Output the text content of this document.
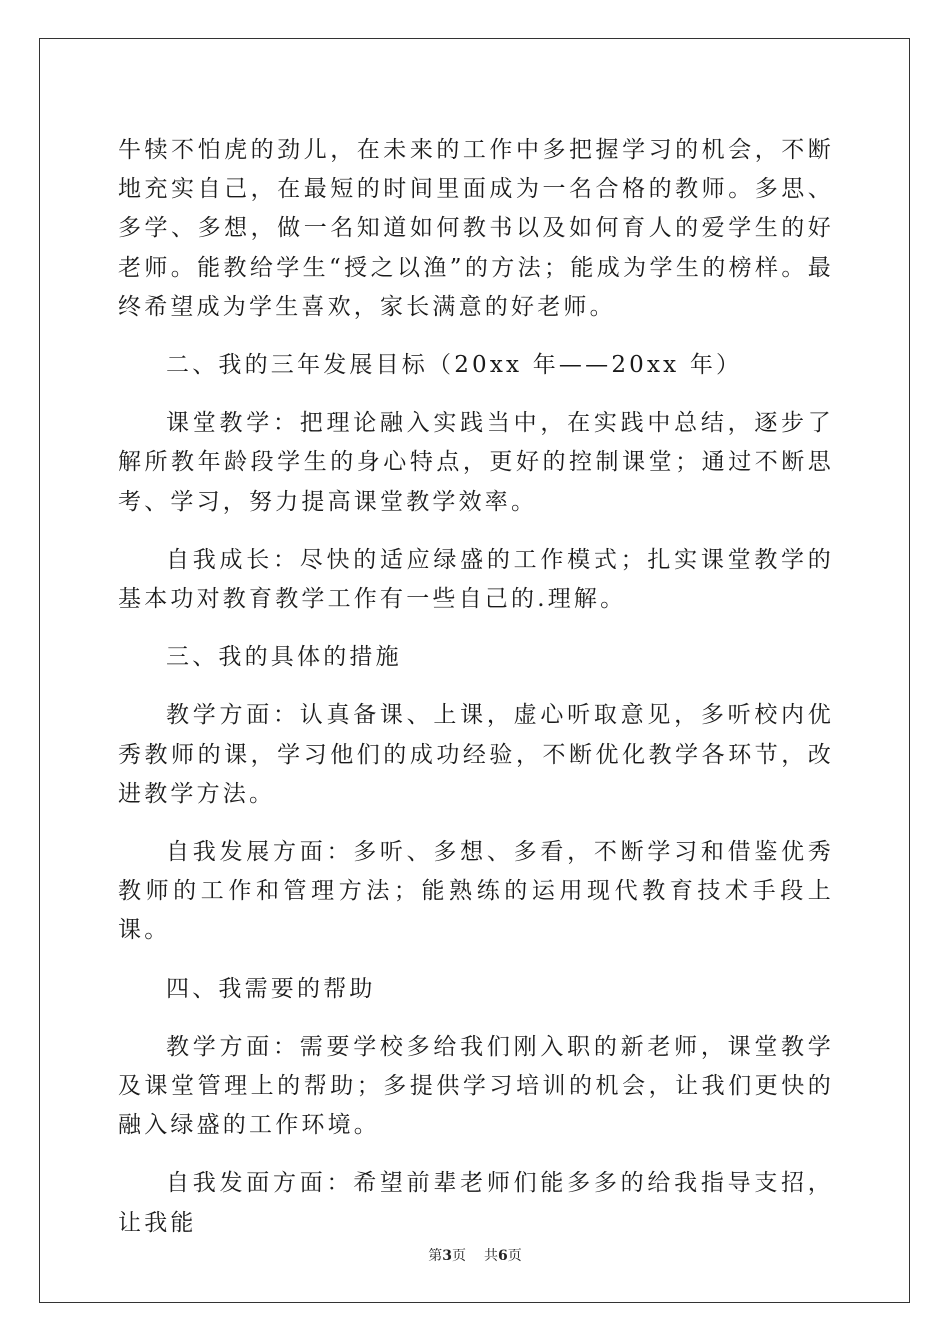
牛犊不怕虎的劲儿，在未来的工作中多把握学习的机会，不断地充实自己，在最短的时间里面成为一名合格的教师。多思、多学、多想，做一名知道如何教书以及如何育人的爱学生的好老师。能教给学生“授之以渔”的方法；能成为学生的榜样。最终希望成为学生喜欢，家长满意的好老师。

二、我的三年发展目标（20xx 年——20xx 年）

课堂教学：把理论融入实践当中，在实践中总结，逐步了解所教年龄段学生的身心特点，更好的控制课堂；通过不断思考、学习，努力提高课堂教学效率。

自我成长：尽快的适应绿盛的工作模式；扎实课堂教学的基本功对教育教学工作有一些自己的.理解。

三、我的具体的措施

教学方面：认真备课、上课，虚心听取意见，多听校内优秀教师的课，学习他们的成功经验，不断优化教学各环节，改进教学方法。

自我发展方面：多听、多想、多看，不断学习和借鉴优秀教师的工作和管理方法；能熟练的运用现代教育技术手段上课。

四、我需要的帮助

教学方面：需要学校多给我们刚入职的新老师，课堂教学及课堂管理上的帮助；多提供学习培训的机会，让我们更快的融入绿盛的工作环境。

自我发面方面：希望前辈老师们能多多的给我指导支招，让我能

第3页 共6页
